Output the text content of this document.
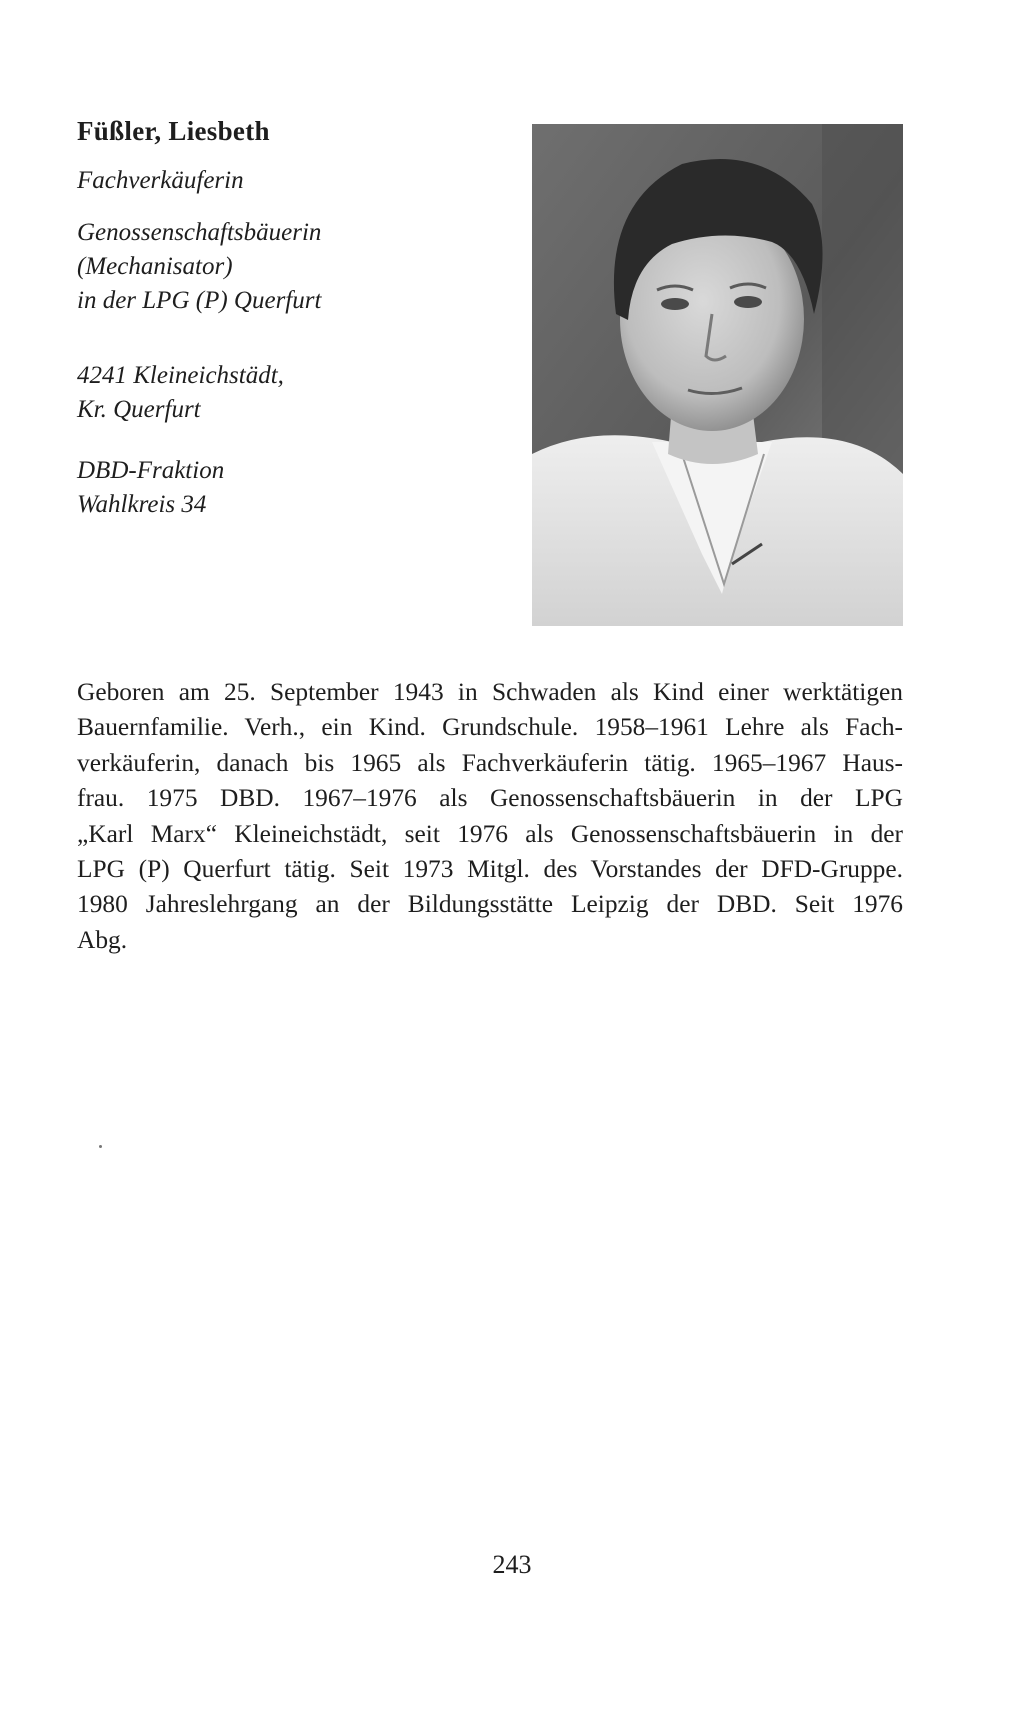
Füßler, Liesbeth
Fachverkäuferin
Genossenschaftsbäuerin
(Mechanisator)
in der LPG (P) Querfurt
4241 Kleineichstädt,
Kr. Querfurt
DBD-Fraktion
Wahlkreis 34
Geboren am 25. September 1943 in Schwaden als Kind einer werktätigen
Bauernfamilie. Verh., ein Kind. Grundschule. 1958–1961 Lehre als Fach-
verkäuferin, danach bis 1965 als Fachverkäuferin tätig. 1965–1967 Haus-
frau. 1975 DBD. 1967–1976 als Genossenschaftsbäuerin in der LPG
„Karl Marx“ Kleineichstädt, seit 1976 als Genossenschaftsbäuerin in der
LPG (P) Querfurt tätig. Seit 1973 Mitgl. des Vorstandes der DFD-Gruppe.
1980 Jahreslehrgang an der Bildungsstätte Leipzig der DBD. Seit 1976
Abg.
243
